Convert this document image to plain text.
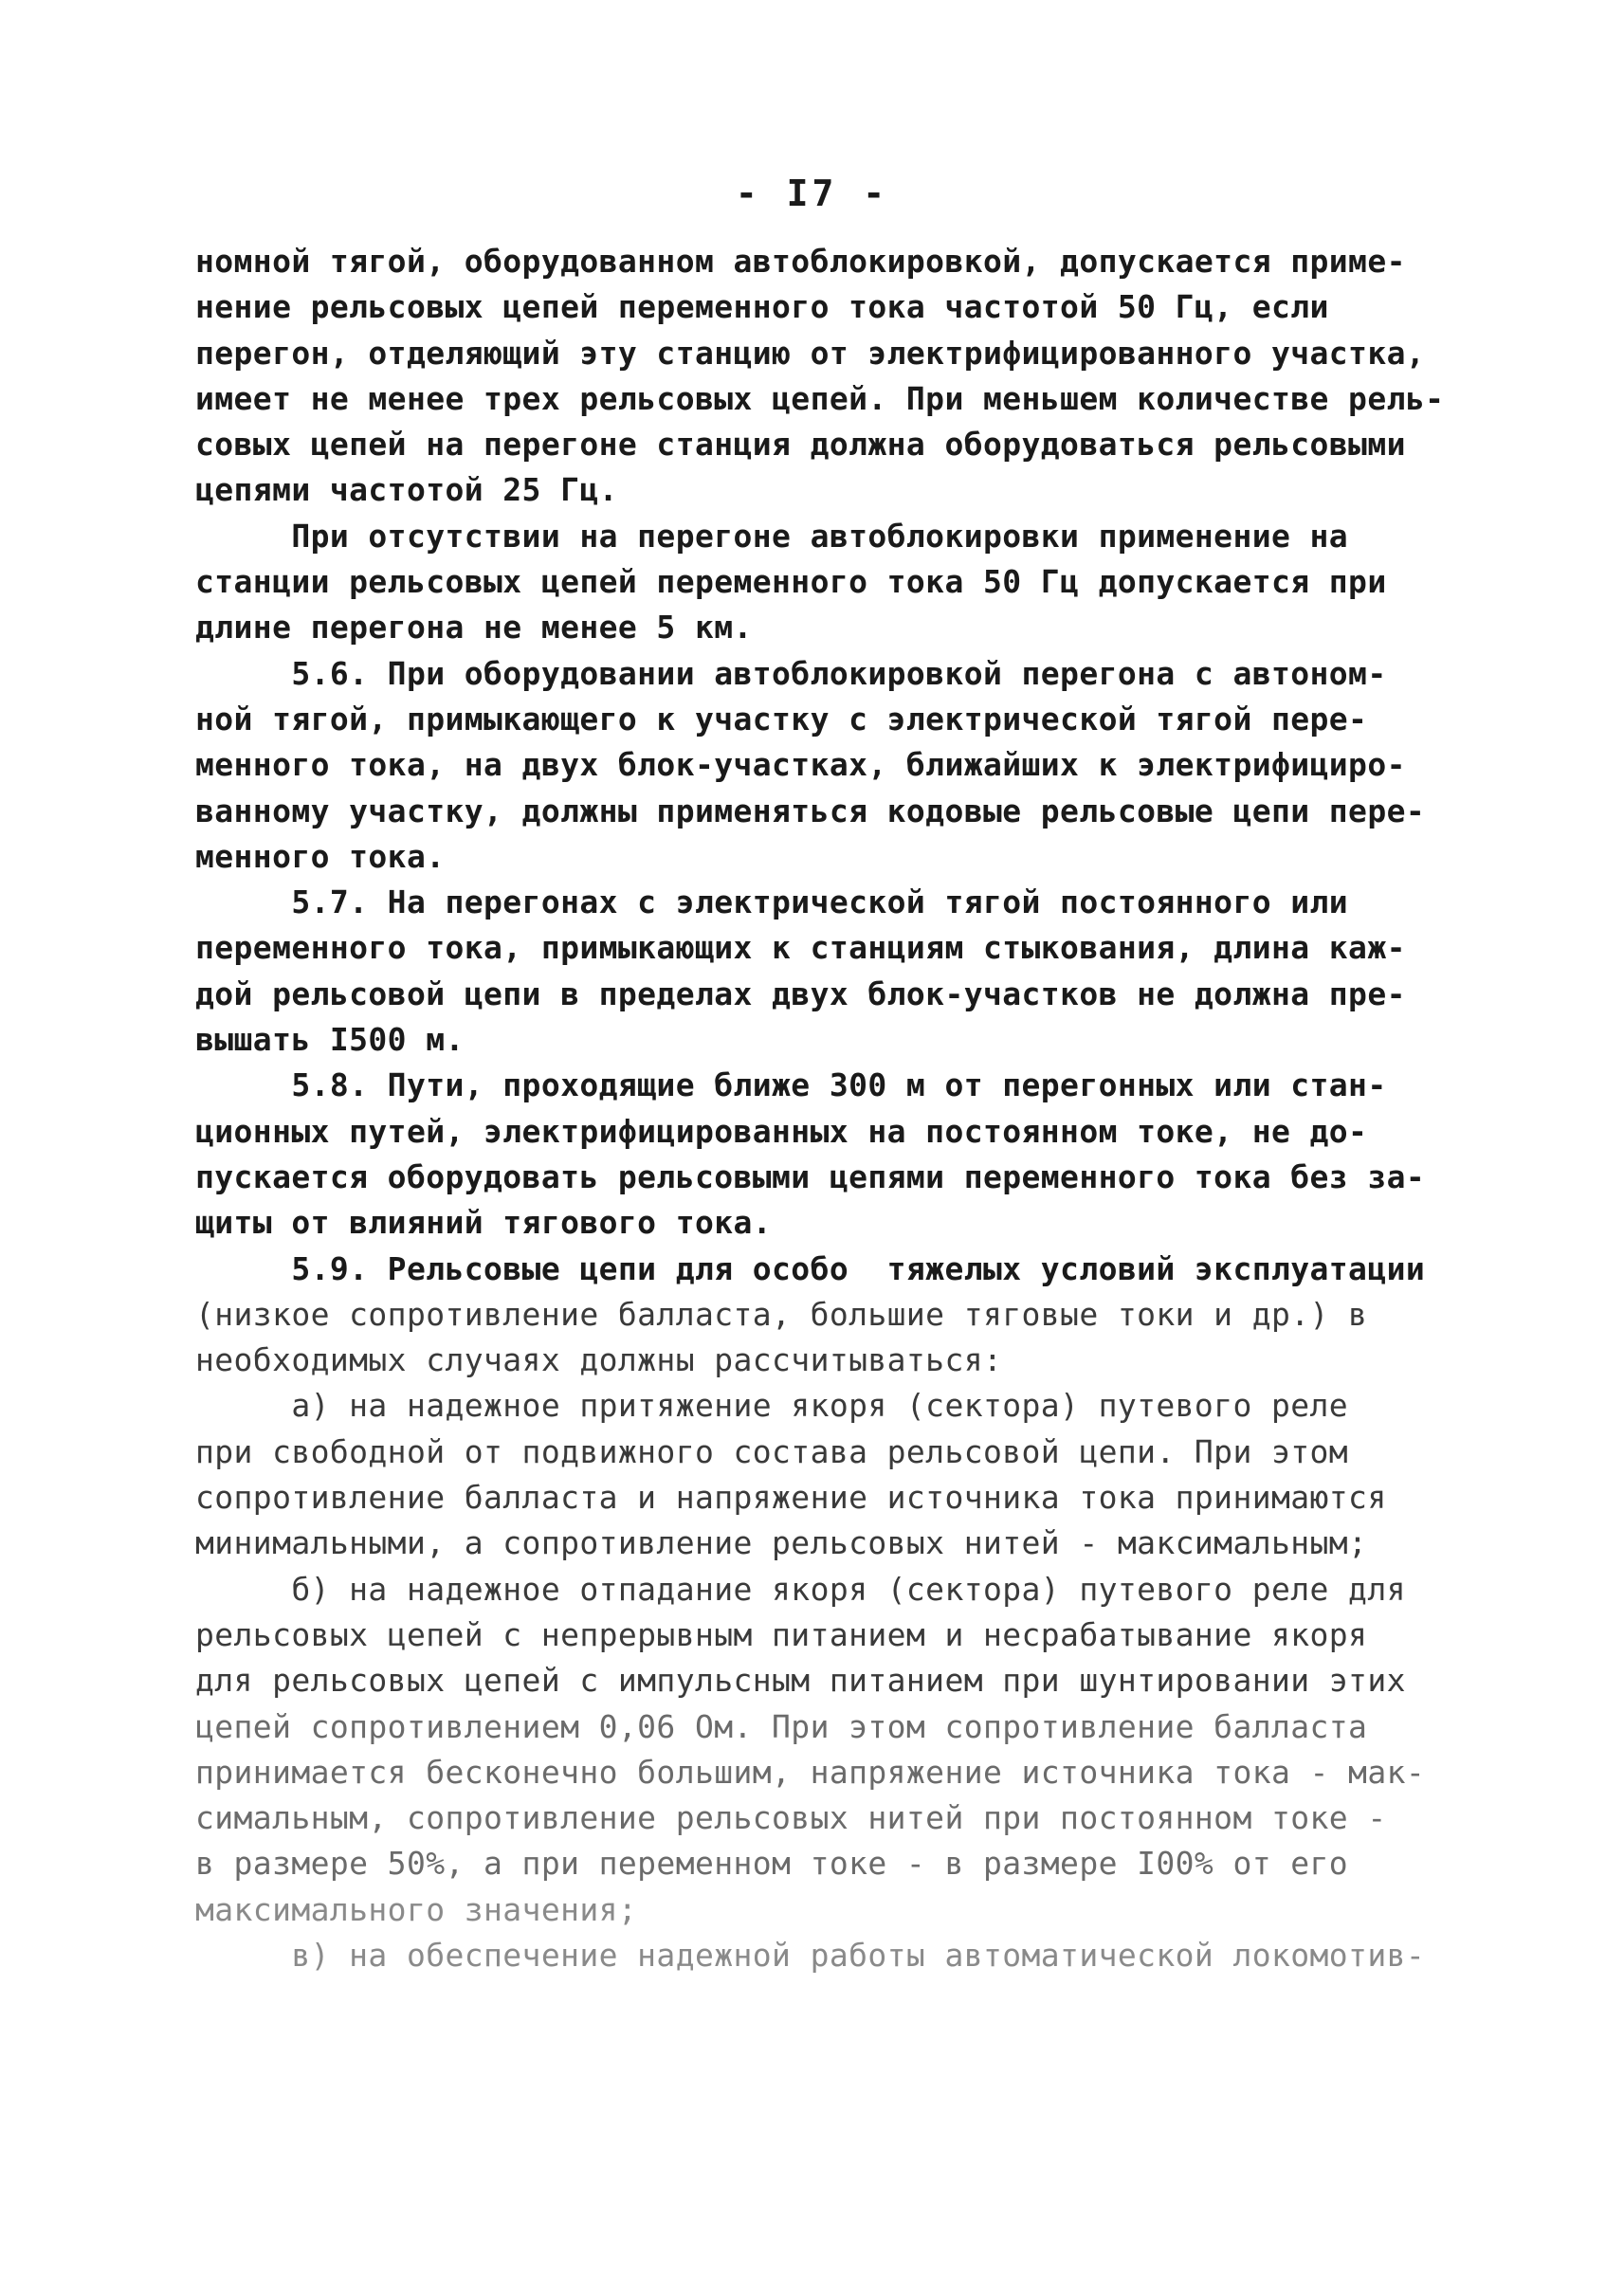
- I7 -
номной тягой, оборудованном автоблокировкой, допускается приме-
нение рельсовых цепей переменного тока частотой 50 Гц, если
перегон, отделяющий эту станцию от электрифицированного участка,
имеет не менее трех рельсовых цепей. При меньшем количестве рель-
совых цепей на перегоне станция должна оборудоваться рельсовыми
цепями частотой 25 Гц.
При отсутствии на перегоне автоблокировки применение на
станции рельсовых цепей переменного тока 50 Гц допускается при
длине перегона не менее 5 км.
5.6. При оборудовании автоблокировкой перегона с автоном-
ной тягой, примыкающего к участку с электрической тягой пере-
менного тока, на двух блок-участках, ближайших к электрифициро-
ванному участку, должны применяться кодовые рельсовые цепи пере-
менного тока.
5.7. На перегонах с электрической тягой постоянного или
переменного тока, примыкающих к станциям стыкования, длина каж-
дой рельсовой цепи в пределах двух блок-участков не должна пре-
вышать I500 м.
5.8. Пути, проходящие ближе 300 м от перегонных или стан-
ционных путей, электрифицированных на постоянном токе, не до-
пускается оборудовать рельсовыми цепями переменного тока без за-
щиты от влияний тягового тока.
5.9. Рельсовые цепи для особо  тяжелых условий эксплуатации
(низкое сопротивление балласта, большие тяговые токи и др.) в
необходимых случаях должны рассчитываться:
а) на надежное притяжение якоря (сектора) путевого реле
при свободной от подвижного состава рельсовой цепи. При этом
сопротивление балласта и напряжение источника тока принимаются
минимальными, а сопротивление рельсовых нитей - максимальным;
б) на надежное отпадание якоря (сектора) путевого реле для
рельсовых цепей с непрерывным питанием и несрабатывание якоря
для рельсовых цепей с импульсным питанием при шунтировании этих
цепей сопротивлением 0,06 Ом. При этом сопротивление балласта
принимается бесконечно большим, напряжение источника тока - мак-
симальным, сопротивление рельсовых нитей при постоянном токе -
в размере 50%, а при переменном токе - в размере I00% от его
максимального значения;
в) на обеспечение надежной работы автоматической локомотив-
